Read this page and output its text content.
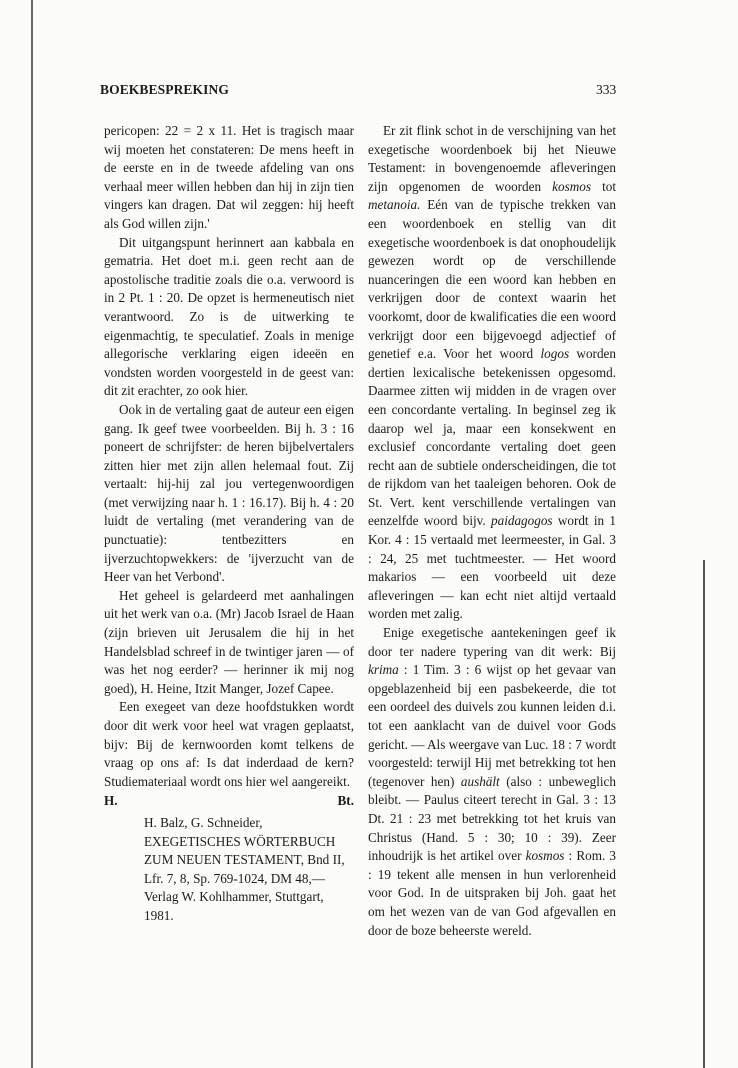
BOEKBESPREKING	333

pericopen: 22 = 2 x 11. Het is tragisch maar wij moeten het constateren: De mens heeft in de eerste en in de tweede afdeling van ons verhaal meer willen hebben dan hij in zijn tien vingers kan dragen. Dat wil zeggen: hij heeft als God willen zijn.'

Dit uitgangspunt herinnert aan kabbala en gematria. Het doet m.i. geen recht aan de apostolische traditie zoals die o.a. verwoord is in 2 Pt. 1 : 20. De opzet is hermeneutisch niet verantwoord. Zo is de uitwerking te eigenmachtig, te speculatief. Zoals in menige allegorische verklaring eigen ideeën en vondsten worden voorgesteld in de geest van: dit zit erachter, zo ook hier.

Ook in de vertaling gaat de auteur een eigen gang. Ik geef twee voorbeelden. Bij h. 3 : 16 poneert de schrijfster: de heren bijbelvertalers zitten hier met zijn allen helemaal fout. Zij vertaalt: hij-hij zal jou vertegenwoordigen (met verwijzing naar h. 1 : 16.17). Bij h. 4 : 20 luidt de vertaling (met verandering van de punctuatie): tentbezitters en ijverzuchtopwekkers: de 'ijverzucht van de Heer van het Verbond'.

Het geheel is gelardeerd met aanhalingen uit het werk van o.a. (Mr) Jacob Israel de Haan (zijn brieven uit Jerusalem die hij in het Handelsblad schreef in de twintiger jaren — of was het nog eerder? — herinner ik mij nog goed), H. Heine, Itzit Manger, Jozef Capee.

Een exegeet van deze hoofdstukken wordt door dit werk voor heel wat vragen geplaatst, bijv: Bij de kernwoorden komt telkens de vraag op ons af: Is dat inderdaad de kern? Studiemateriaal wordt ons hier wel aangereikt.

H.	Bt.
H. Balz, G. Schneider, EXEGETISCHES WÖRTERBUCH ZUM NEUEN TESTAMENT, Bnd II, Lfr. 7, 8, Sp. 769-1024, DM 48,— Verlag W. Kohlhammer, Stuttgart, 1981.

Er zit flink schot in de verschijning van het exegetische woordenboek bij het Nieuwe Testament: in bovengenoemde afleveringen zijn opgenomen de woorden kosmos tot metanoia. Eén van de typische trekken van een woordenboek en stellig van dit exegetische woordenboek is dat onophoudelijk gewezen wordt op de verschillende nuanceringen die een woord kan hebben en verkrijgen door de context waarin het voorkomt, door de kwalificaties die een woord verkrijgt door een bijgevoegd adjectief of genetief e.a. Voor het woord logos worden dertien lexicalische betekenissen opgesomd. Daarmee zitten wij midden in de vragen over een concordante vertaling. In beginsel zeg ik daarop wel ja, maar een konsekwent en exclusief concordante vertaling doet geen recht aan de subtiele onderscheidingen, die tot de rijkdom van het taaleigen behoren. Ook de St. Vert. kent verschillende vertalingen van eenzelfde woord bijv. paidagogos wordt in 1 Kor. 4 : 15 vertaald met leermeester, in Gal. 3 : 24, 25 met tuchtmeester. — Het woord makarios — een voorbeeld uit deze afleveringen — kan echt niet altijd vertaald worden met zalig.

Enige exegetische aantekeningen geef ik door ter nadere typering van dit werk: Bij krima : 1 Tim. 3 : 6 wijst op het gevaar van opgeblazenheid bij een pasbekeerde, die tot een oordeel des duivels zou kunnen leiden d.i. tot een aanklacht van de duivel voor Gods gericht. — Als weergave van Luc. 18 : 7 wordt voorgesteld: terwijl Hij met betrekking tot hen (tegenover hen) aushält (also : unbeweglich bleibt. — Paulus citeert terecht in Gal. 3 : 13 Dt. 21 : 23 met betrekking tot het kruis van Christus (Hand. 5 : 30; 10 : 39). Zeer inhoudrijk is het artikel over kosmos : Rom. 3 : 19 tekent alle mensen in hun verlorenheid voor God. In de uitspraken bij Joh. gaat het om het wezen van de van God afgevallen en door de boze beheerste wereld.
